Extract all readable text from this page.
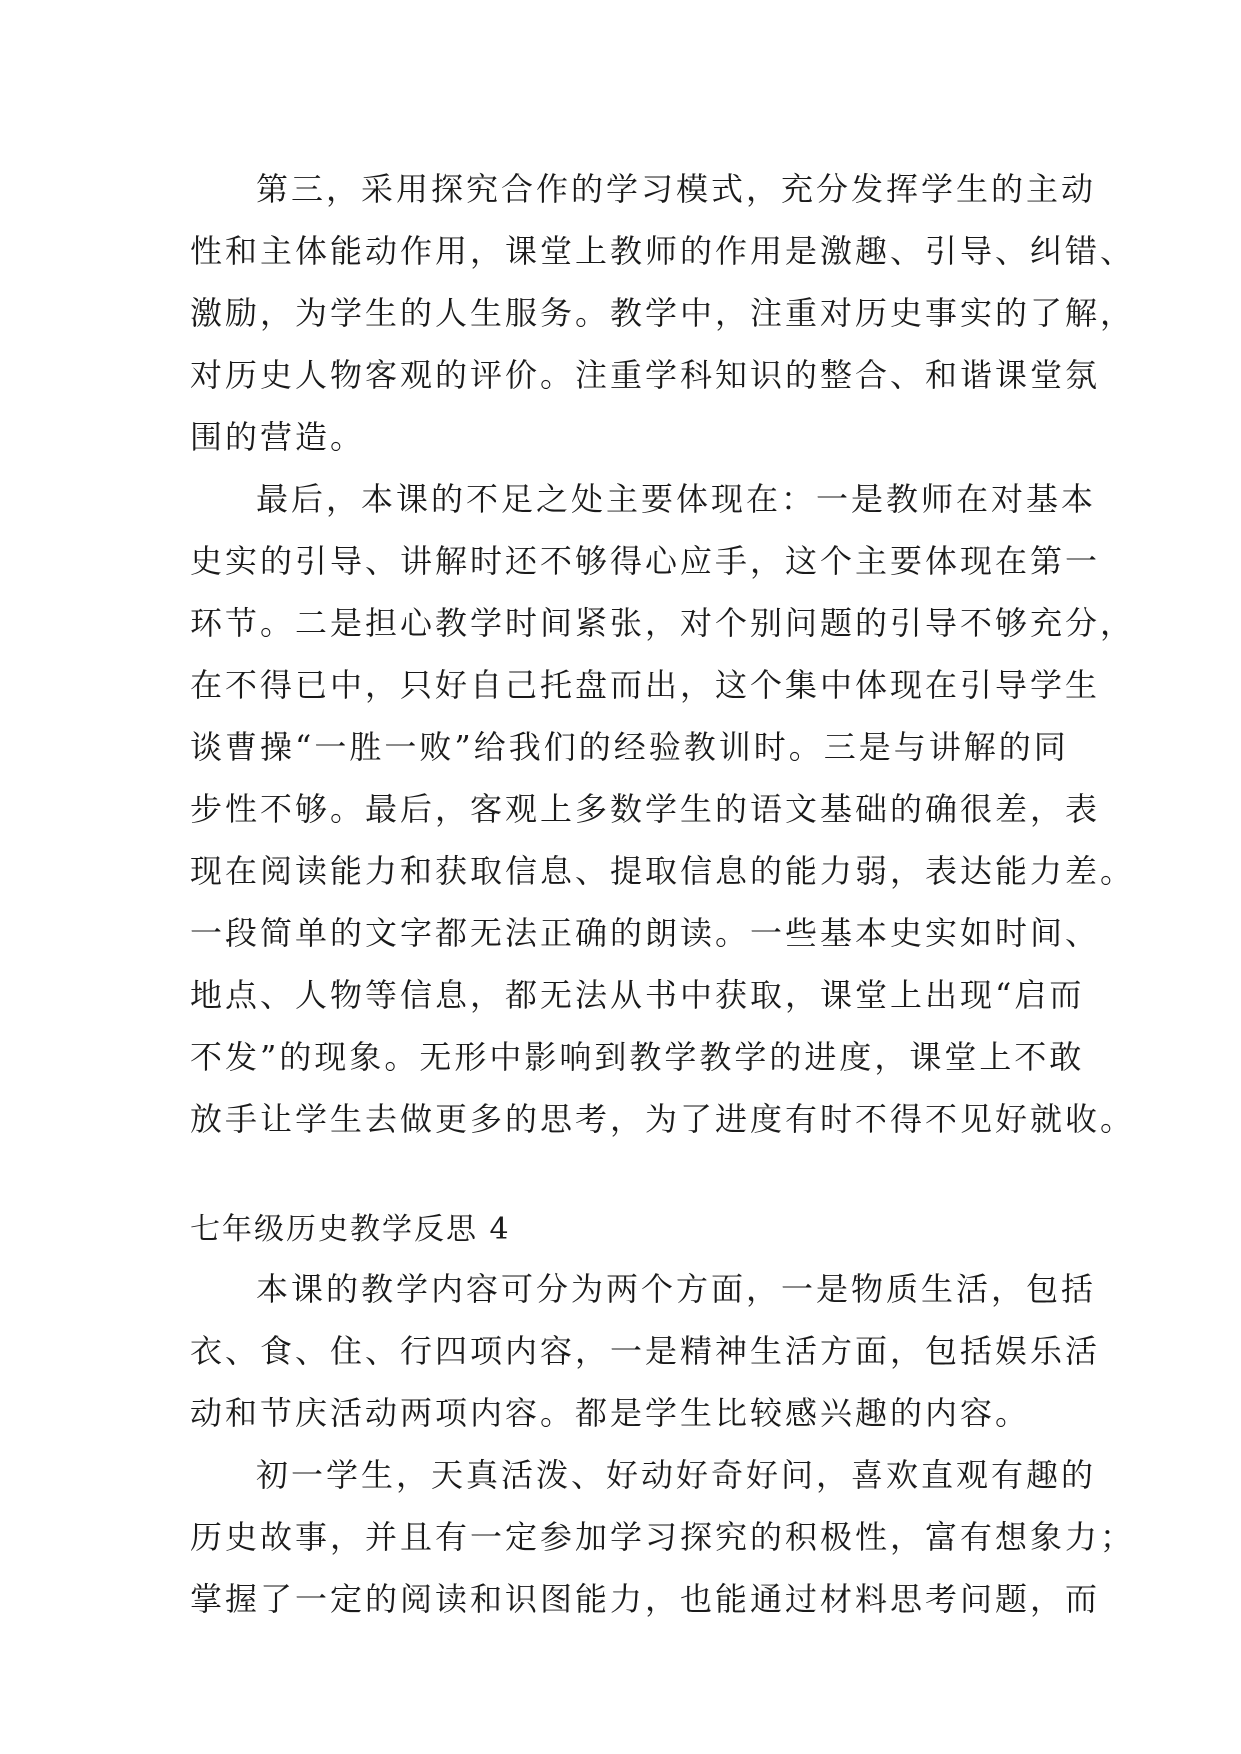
第三，采用探究合作的学习模式，充分发挥学生的主动
性和主体能动作用，课堂上教师的作用是激趣、引导、纠错、
激励，为学生的人生服务。教学中，注重对历史事实的了解，
对历史人物客观的评价。注重学科知识的整合、和谐课堂氛
围的营造。
最后，本课的不足之处主要体现在：一是教师在对基本
史实的引导、讲解时还不够得心应手，这个主要体现在第一
环节。二是担心教学时间紧张，对个别问题的引导不够充分，
在不得已中，只好自己托盘而出，这个集中体现在引导学生
谈曹操“一胜一败”给我们的经验教训时。三是与讲解的同
步性不够。最后，客观上多数学生的语文基础的确很差，表
现在阅读能力和获取信息、提取信息的能力弱，表达能力差。
一段简单的文字都无法正确的朗读。一些基本史实如时间、
地点、人物等信息，都无法从书中获取，课堂上出现“启而
不发”的现象。无形中影响到教学教学的进度，课堂上不敢
放手让学生去做更多的思考，为了进度有时不得不见好就收。
七年级历史教学反思 4
本课的教学内容可分为两个方面，一是物质生活，包括
衣、食、住、行四项内容，一是精神生活方面，包括娱乐活
动和节庆活动两项内容。都是学生比较感兴趣的内容。
初一学生，天真活泼、好动好奇好问，喜欢直观有趣的
历史故事，并且有一定参加学习探究的积极性，富有想象力；
掌握了一定的阅读和识图能力，也能通过材料思考问题，而
